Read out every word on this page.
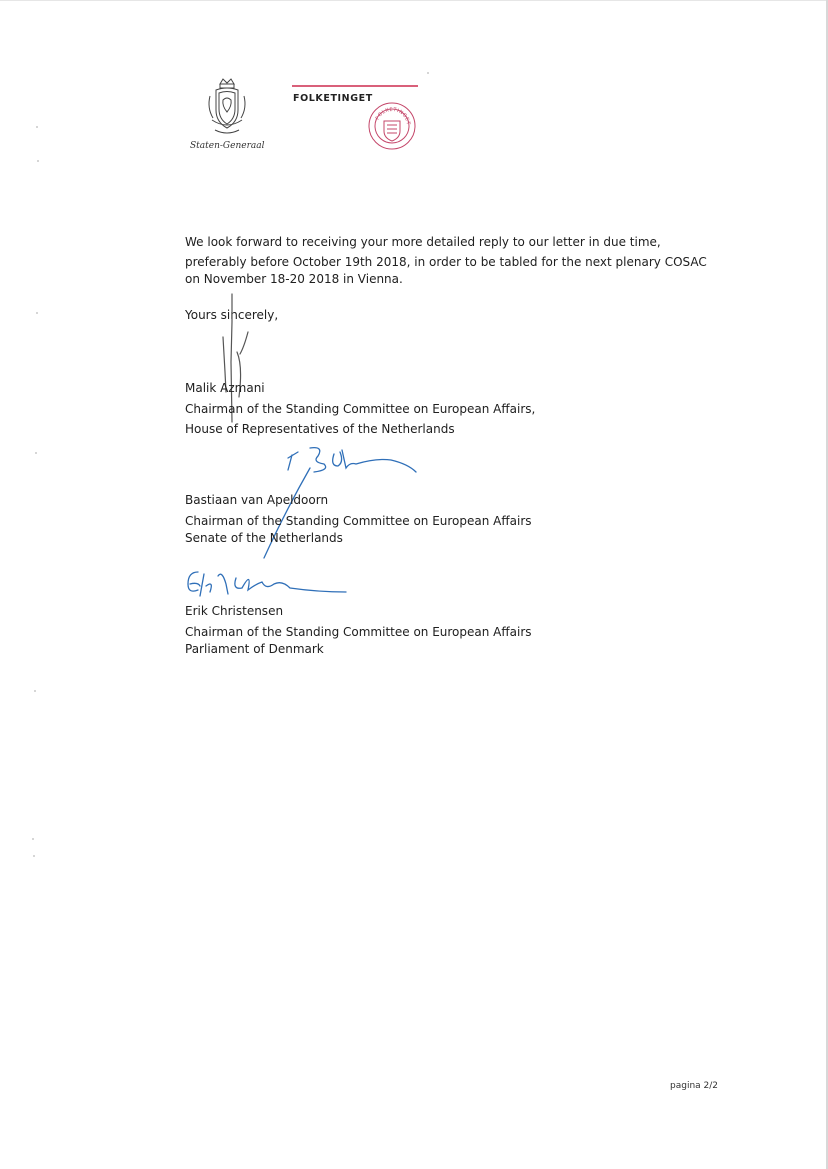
Staten-Generaal
FOLKETINGET
FOLKETINGET
We look forward to receiving your more detailed reply to our letter in due time,
preferably before October 19th 2018, in order to be tabled for the next plenary COSAC
on November 18-20 2018 in Vienna.
Yours sincerely,
Malik Azmani
Chairman of the Standing Committee on European Affairs,
House of Representatives of the Netherlands
Bastiaan van Apeldoorn
Chairman of the Standing Committee on European Affairs
Senate of the Netherlands
Erik Christensen
Chairman of the Standing Committee on European Affairs
Parliament of Denmark
pagina 2/2
